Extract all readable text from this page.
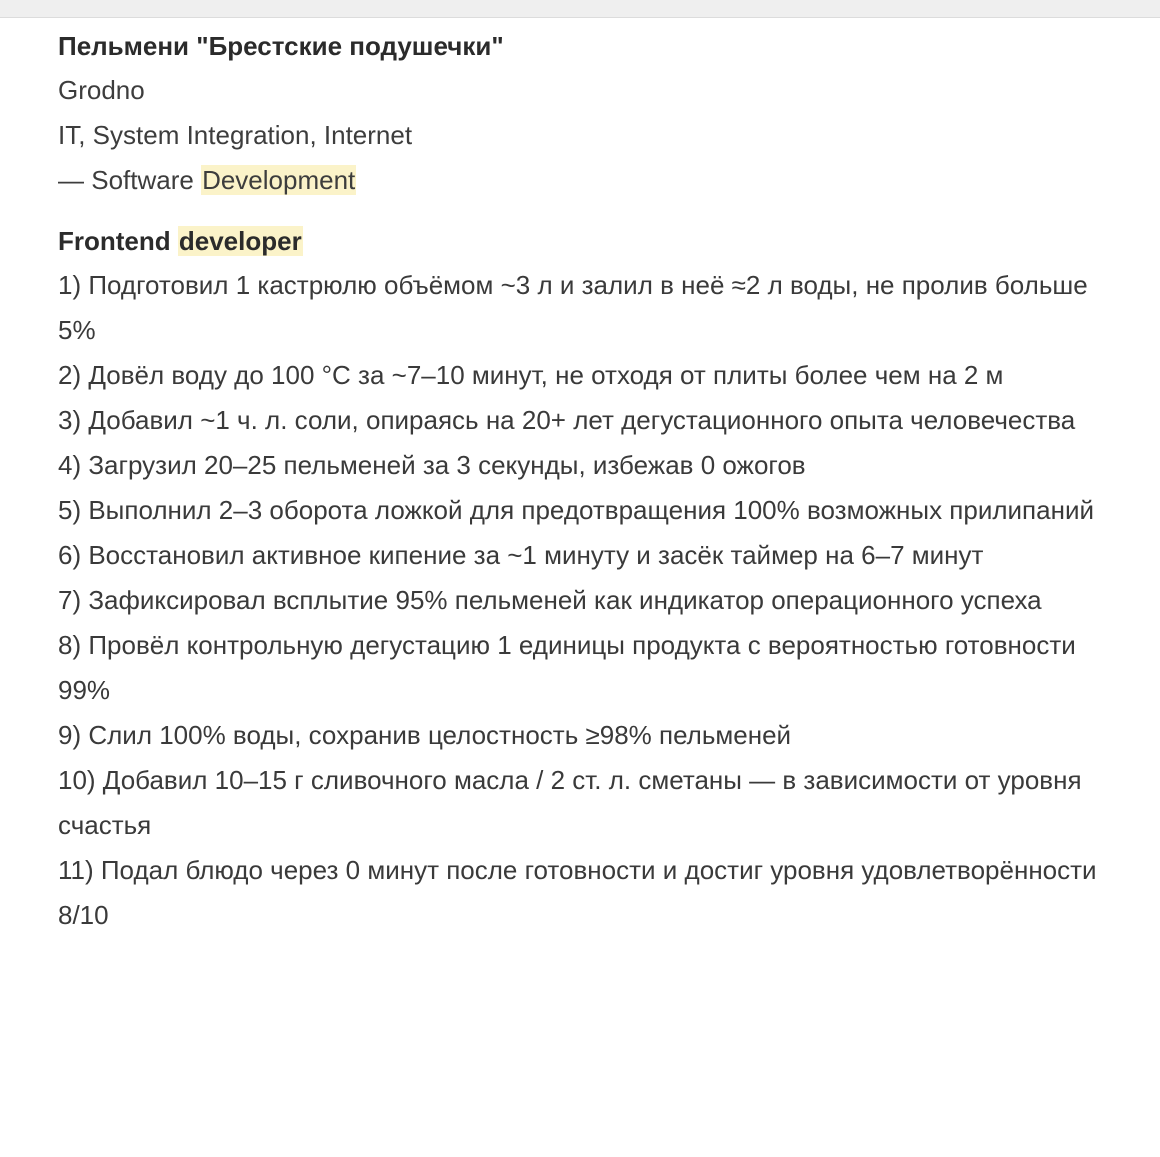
Пельмени "Брестские подушечки"

Grodno

IT, System Integration, Internet

— Software Development

Frontend developer

1) Подготовил 1 кастрюлю объёмом ~3 л и залил в неё ≈2 л воды, не пролив больше 5%
2) Довёл воду до 100 °C за ~7–10 минут, не отходя от плиты более чем на 2 м
3) Добавил ~1 ч. л. соли, опираясь на 20+ лет дегустационного опыта человечества
4) Загрузил 20–25 пельменей за 3 секунды, избежав 0 ожогов
5) Выполнил 2–3 оборота ложкой для предотвращения 100% возможных прилипаний
6) Восстановил активное кипение за ~1 минуту и засёк таймер на 6–7 минут
7) Зафиксировал всплытие 95% пельменей как индикатор операционного успеха
8) Провёл контрольную дегустацию 1 единицы продукта с вероятностью готовности 99%
9) Слил 100% воды, сохранив целостность ≥98% пельменей
10) Добавил 10–15 г сливочного масла / 2 ст. л. сметаны — в зависимости от уровня счастья
11) Подал блюдо через 0 минут после готовности и достиг уровня удовлетворённости 8/10
